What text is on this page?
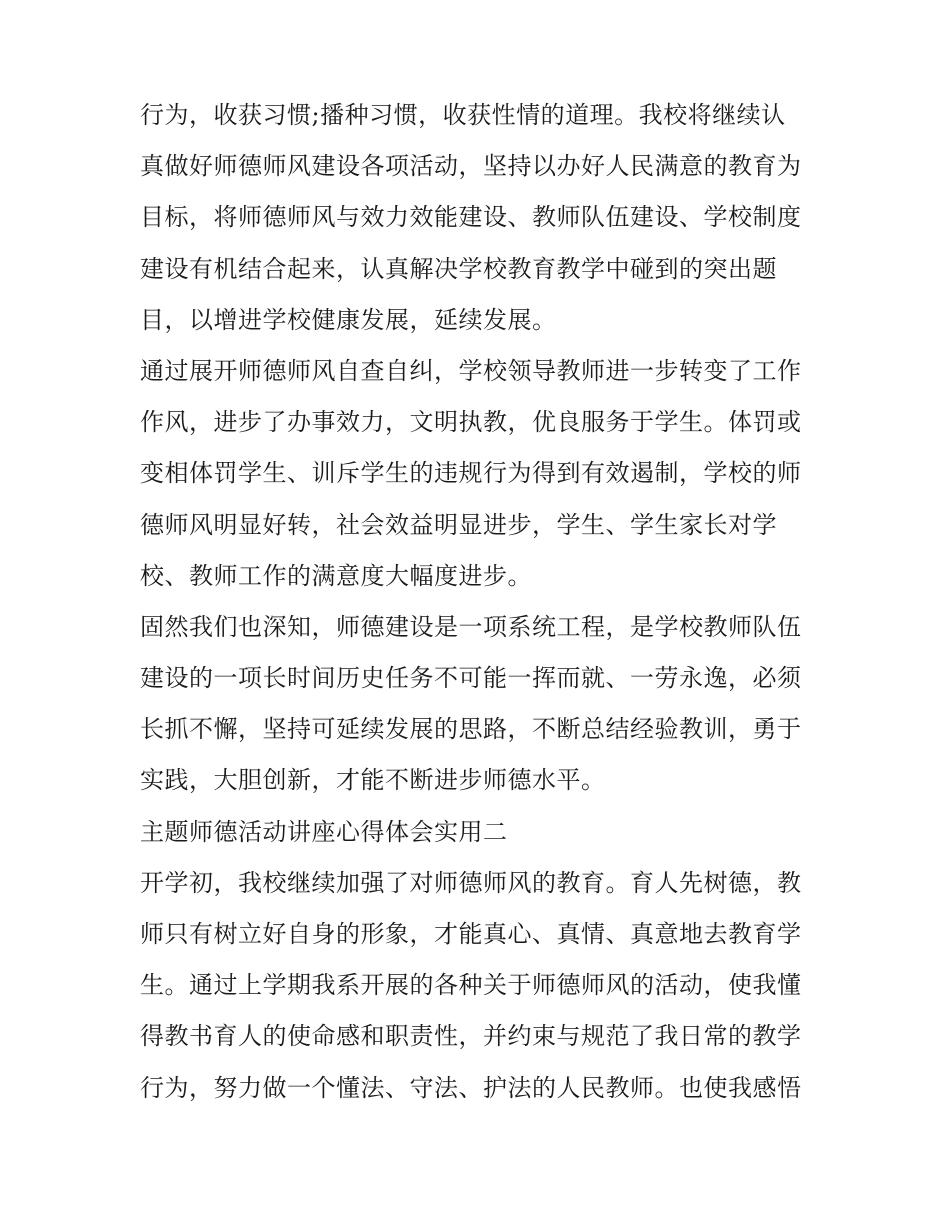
行为，收获习惯;播种习惯，收获性情的道理。我校将继续认
真做好师德师风建设各项活动，坚持以办好人民满意的教育为
目标，将师德师风与效力效能建设、教师队伍建设、学校制度
建设有机结合起来，认真解决学校教育教学中碰到的突出题
目，以增进学校健康发展，延续发展。
通过展开师德师风自查自纠，学校领导教师进一步转变了工作
作风，进步了办事效力，文明执教，优良服务于学生。体罚或
变相体罚学生、训斥学生的违规行为得到有效遏制，学校的师
德师风明显好转，社会效益明显进步，学生、学生家长对学
校、教师工作的满意度大幅度进步。
固然我们也深知，师德建设是一项系统工程，是学校教师队伍
建设的一项长时间历史任务不可能一挥而就、一劳永逸，必须
长抓不懈，坚持可延续发展的思路，不断总结经验教训，勇于
实践，大胆创新，才能不断进步师德水平。
主题师德活动讲座心得体会实用二
开学初，我校继续加强了对师德师风的教育。育人先树德，教
师只有树立好自身的形象，才能真心、真情、真意地去教育学
生。通过上学期我系开展的各种关于师德师风的活动，使我懂
得教书育人的使命感和职责性，并约束与规范了我日常的教学
行为，努力做一个懂法、守法、护法的人民教师。也使我感悟
